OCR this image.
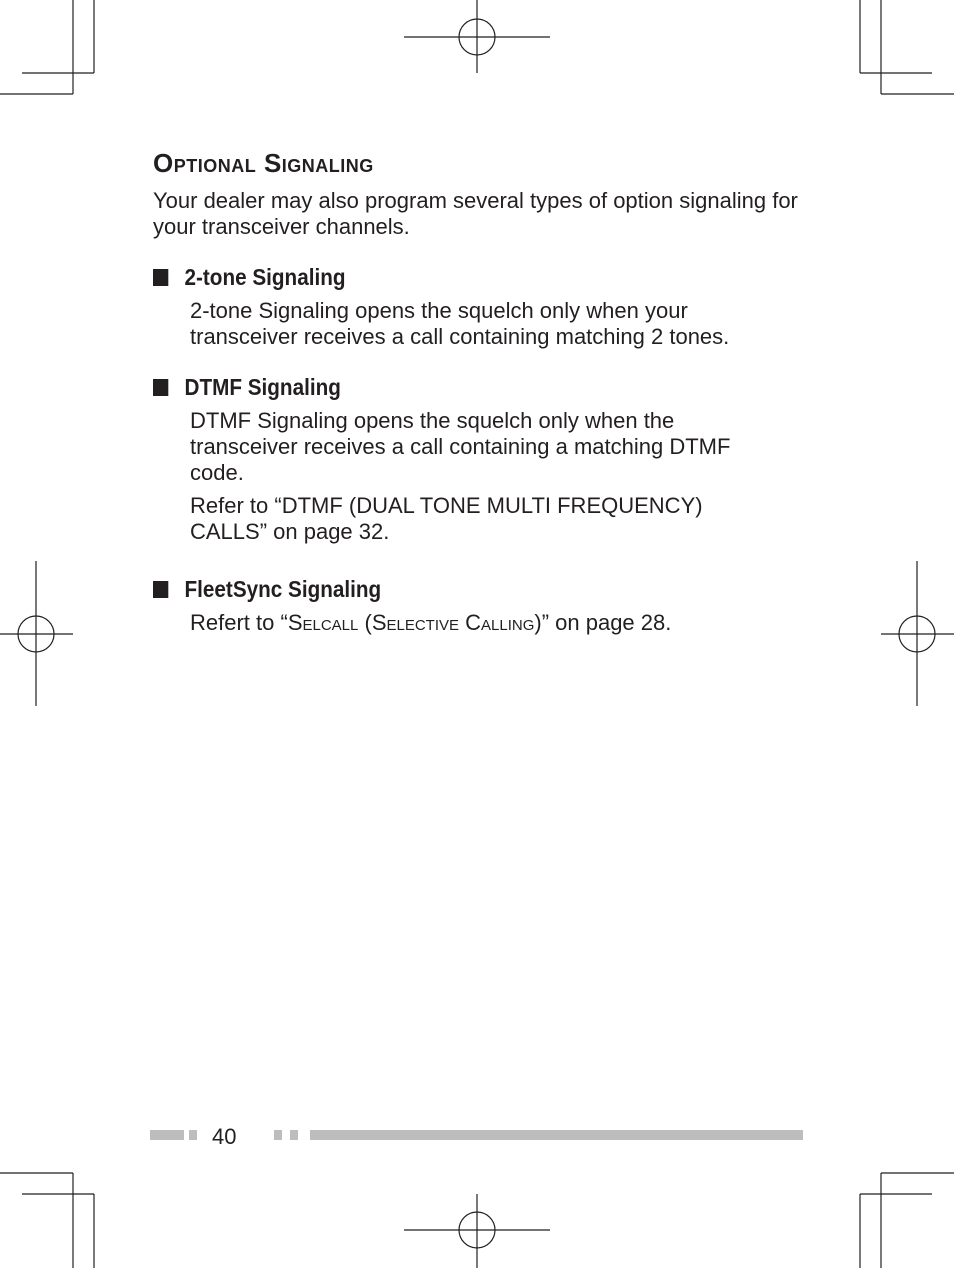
Optional Signaling

Your dealer may also program several types of option signaling for your transceiver channels.

2-tone Signaling

2-tone Signaling opens the squelch only when your transceiver receives a call containing matching 2 tones.

DTMF Signaling

DTMF Signaling opens the squelch only when the transceiver receives a call containing a matching DTMF code.

Refer to “DTMF (DUAL TONE MULTI FREQUENCY) CALLS” on page 32.

FleetSync Signaling

Refert to “Selcall (Selective Calling)” on page 28.

40
